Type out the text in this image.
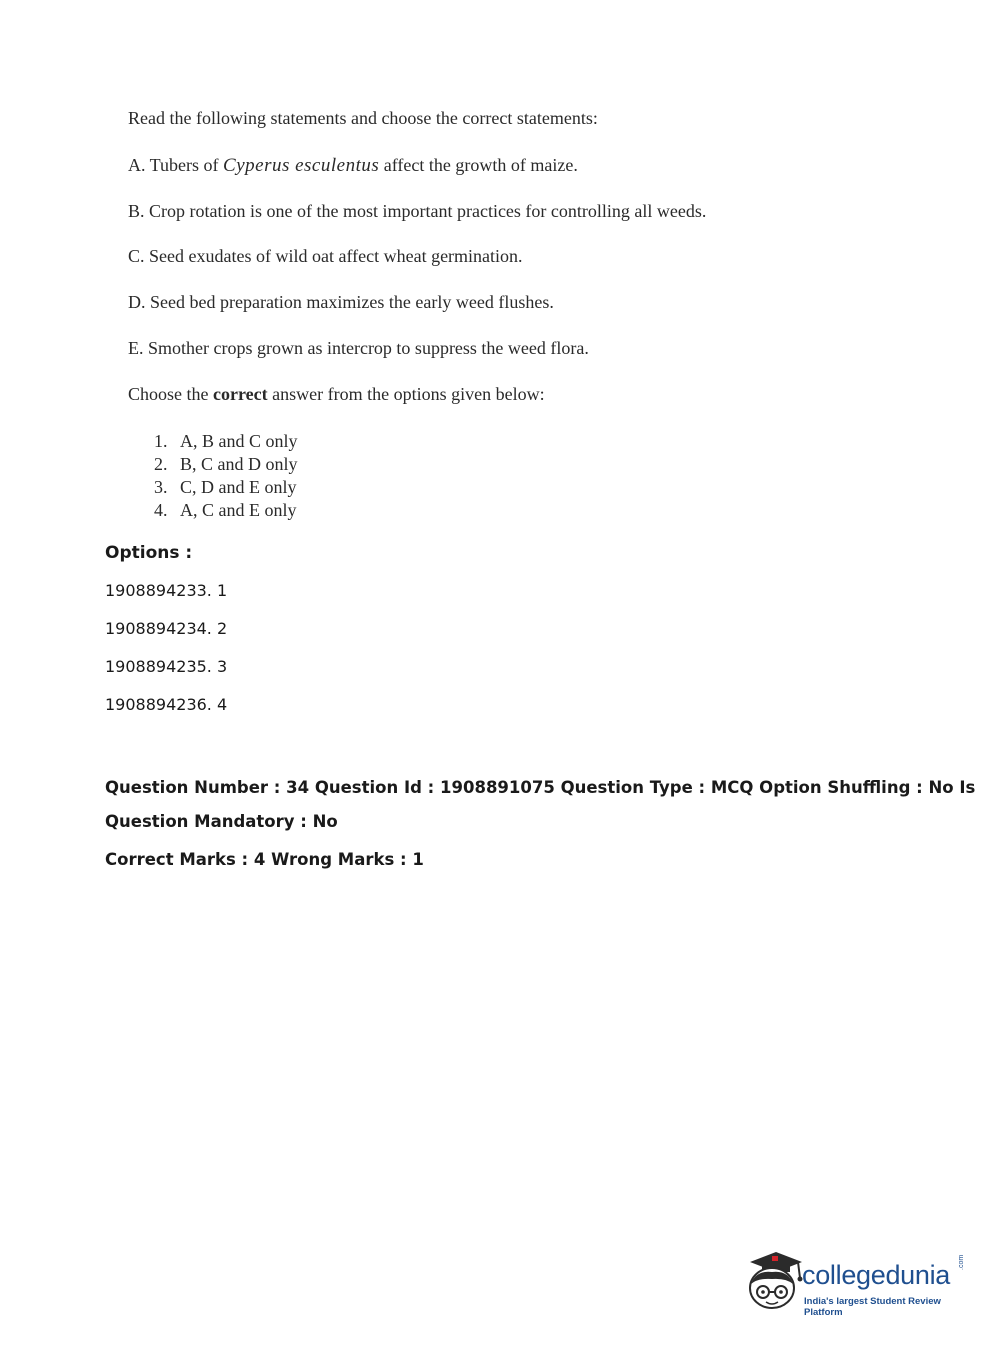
Read the following statements and choose the correct statements:
A. Tubers of Cyperus esculentus affect the growth of maize.
B. Crop rotation is one of the most important practices for controlling all weeds.
C. Seed exudates of wild oat affect wheat germination.
D. Seed bed preparation maximizes the early weed flushes.
E. Smother crops grown as intercrop to suppress the weed flora.
Choose the correct answer from the options given below:
1. A, B and C only
2. B, C and D only
3. C, D and E only
4. A, C and E only
Options :
1908894233. 1
1908894234. 2
1908894235. 3
1908894236. 4
Question Number : 34 Question Id : 1908891075 Question Type : MCQ Option Shuffling : No Is
Question Mandatory : No
Correct Marks : 4 Wrong Marks : 1
collegedunia .com
India's largest Student Review Platform
